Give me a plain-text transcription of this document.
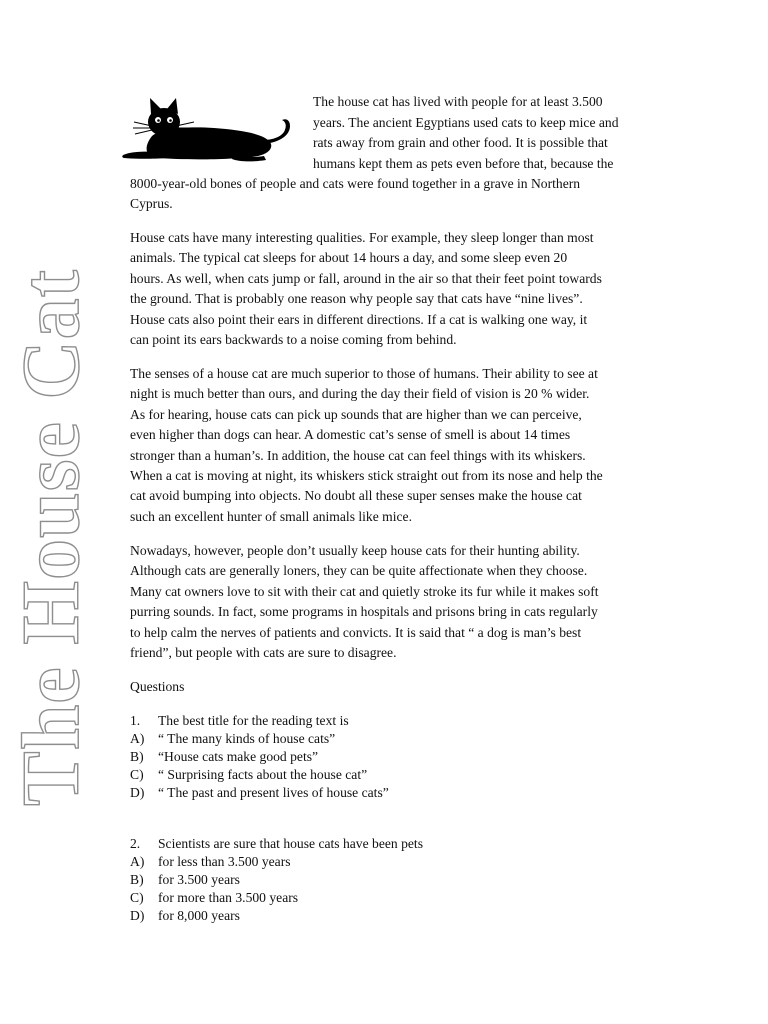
The House Cat
The house cat has lived with people for at least 3.500
years. The ancient Egyptians used cats to keep mice and
rats away from grain and other food. It is possible that
humans kept them as pets even before that, because the
8000-year-old bones of people and cats were found together in a grave in Northern
Cyprus.
House cats have many interesting qualities. For example, they sleep longer than most
animals. The typical cat sleeps for about 14 hours a day, and some sleep even 20
hours. As well, when cats jump or fall, around in the air so that their feet point towards
the ground. That is probably one reason why people say that cats have “nine lives”.
House cats also point their ears in different directions. If a cat is walking one way, it
can point its ears backwards to a noise coming from behind.
The senses of a house cat are much superior to those of humans. Their ability to see at
night is much better than ours, and during the day their field of vision is 20 % wider.
As for hearing, house cats can pick up sounds that are higher than we can perceive,
even higher than dogs can hear. A domestic cat’s sense of smell is about 14 times
stronger than a human’s. In addition, the house cat can feel things with its whiskers.
When a cat is moving at night, its whiskers stick straight out from its nose and help the
cat avoid bumping into objects. No doubt all these super senses make the house cat
such an excellent hunter of small animals like mice.
Nowadays, however, people don’t usually keep house cats for their hunting ability.
Although cats are generally loners, they can be quite affectionate when they choose.
Many cat owners love to sit with their cat and quietly stroke its fur while it makes soft
purring sounds. In fact, some programs in hospitals and prisons bring in cats regularly
to help calm the nerves of patients and convicts. It is said that “ a dog is man’s best
friend”, but people with cats are sure to disagree.
Questions
1.	The best title for the reading text is
A)	“ The many kinds of house cats”
B)	“House cats make good pets”
C)	“ Surprising facts about the house cat”
D)	“ The past and present lives of house cats”
2.	Scientists are sure that house cats have been pets
A)	for less than 3.500 years
B)	for 3.500 years
C)	for more than 3.500 years
D)	for 8,000 years
